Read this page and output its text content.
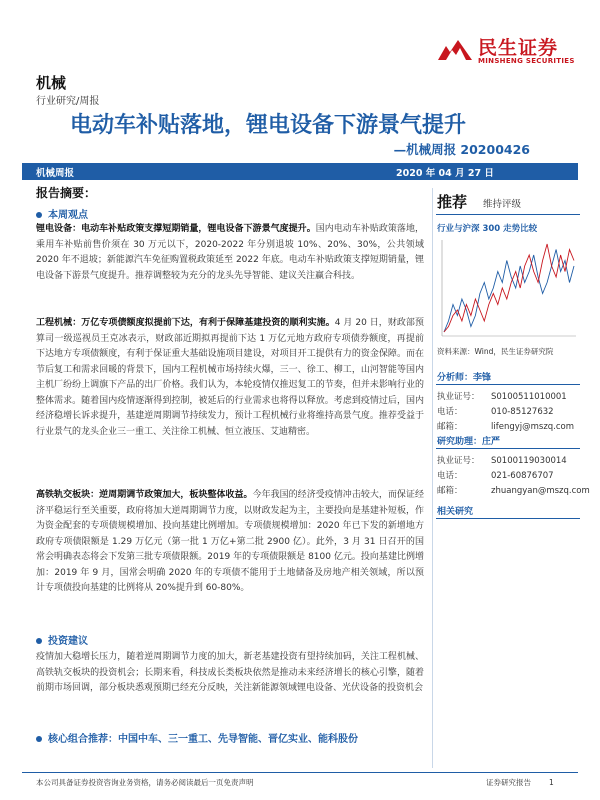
民生证券
MINSHENG SECURITIES
机械
行业研究/周报
电动车补贴落地，锂电设备下游景气提升
—机械周报 20200426
机械周报	2020 年 04 月 27 日
报告摘要：
本周观点
锂电设备：电动车补贴政策支撑短期销量，锂电设备下游景气度提升。国内电动车补贴政策落地，乘用车补贴前售价须在 30 万元以下，2020-2022 年分别退坡 10%、20%、30%，公共领域 2020 年不退坡；新能源汽车免征购置税政策延至 2022 年底。电动车补贴政策支撑短期销量，锂电设备下游景气度提升。推荐调整较为充分的龙头先导智能、建议关注赢合科技。
工程机械：万亿专项债额度拟提前下达，有利于保障基建投资的顺利实施。4 月 20 日，财政部预算司一级巡视员王克冰表示，财政部近期拟再提前下达 1 万亿元地方政府专项债券额度，再提前下达地方专项债额度，有利于保证重大基础设施项目建设，对项目开工提供有力的资金保障。而在节后复工和需求回暖的背景下，国内工程机械市场持续火爆，三一、徐工、柳工，山河智能等国内主机厂纷纷上调旗下产品的出厂价格。我们认为，本轮疫情仅推迟复工的节奏，但并未影响行业的整体需求。随着国内疫情逐渐得到控制，被延后的行业需求也将得以释放。考虑到疫情过后，国内经济稳增长诉求提升，基建逆周期调节持续发力，预计工程机械行业将维持高景气度。推荐受益于行业景气的龙头企业三一重工、关注徐工机械、恒立液压、艾迪精密。
高铁轨交板块：逆周期调节政策加大，板块整体收益。今年我国的经济受疫情冲击较大，而保证经济平稳运行至关重要，政府将加大逆周期调节力度，以财政发起为主，主要投向是基建补短板，作为资金配套的专项债规模增加、投向基建比例增加。专项债规模增加：2020 年已下发的新增地方政府专项债限额是 1.29 万亿元（第一批 1 万亿+第二批 2900 亿）。此外，3 月 31 日召开的国常会明确表态将会下发第三批专项债限额。2019 年的专项债限额是 8100 亿元。投向基建比例增加：2019 年 9 月，国常会明确 2020 年的专项债不能用于土地储备及房地产相关领域，所以预计专项债投向基建的比例将从 20%提升到 60-80%。
投资建议
疫情加大稳增长压力，随着逆周期调节力度的加大，新老基建投资有望持续加码，关注工程机械、高铁轨交板块的投资机会；长期来看，科技成长类板块依然是推动未来经济增长的核心引擎，随着前期市场回调，部分板块悉观预期已经充分反映，关注新能源领域锂电设备、光伏设备的投资机会
核心组合推荐：中国中车、三一重工、先导智能、晋亿实业、能科股份
推荐 维持评级
行业与沪深 300 走势比较
资料来源：Wind，民生证券研究院
分析师：李锋
执业证号： S0100511010001
电话：	010-85127632
邮箱：	lifengyj@mszq.com
研究助理：庄严
执业证号： S0100119030014
电话：	021-60876707
邮箱：	zhuangyan@mszq.com
相关研究
本公司具备证券投资咨询业务资格，请务必阅读最后一页免责声明	证券研究报告 1
